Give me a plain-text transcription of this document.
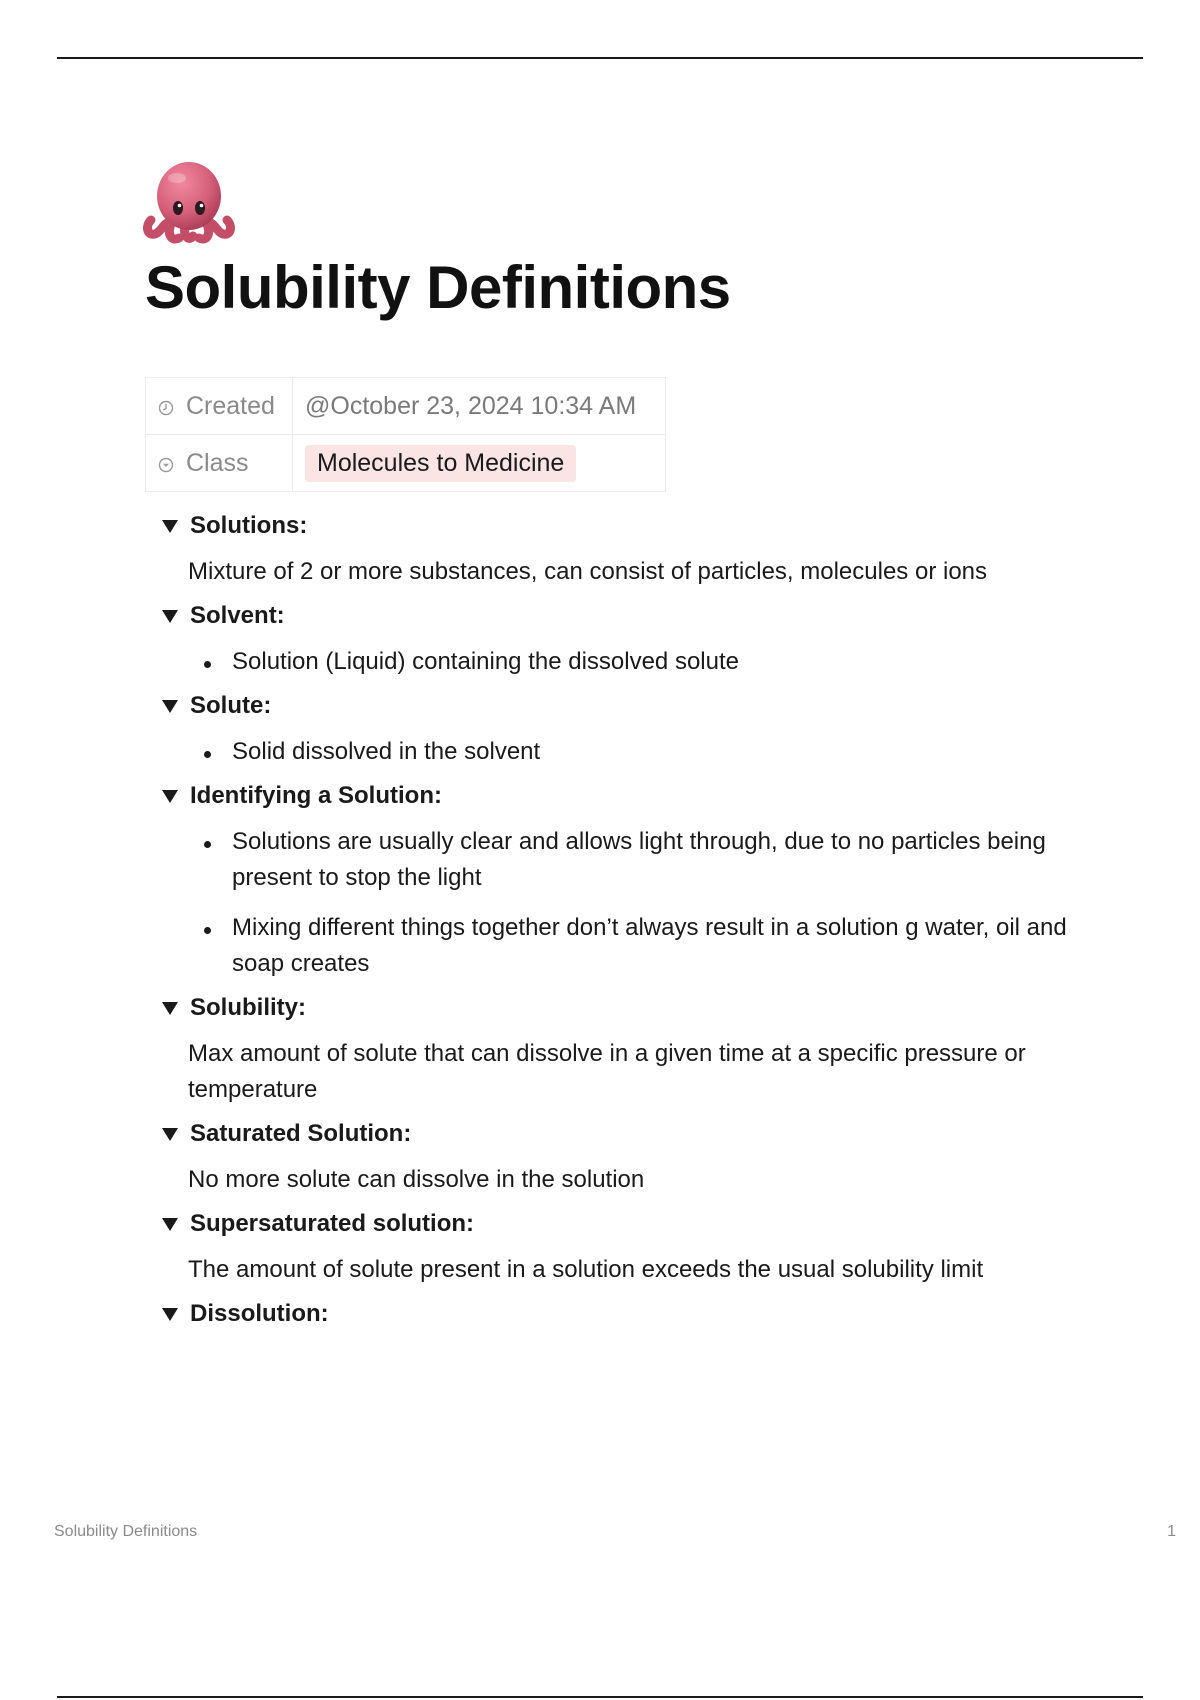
Solubility Definitions
Created	@October 23, 2024 10:34 AM

Class	Molecules to Medicine
Solutions:

Mixture of 2 or more substances, can consist of particles, molecules or ions

Solvent:
Solution (Liquid) containing the dissolved solute
Solute:
Solid dissolved in the solvent
Identifying a Solution:
Solutions are usually clear and allows light through, due to no particles being present to stop the light
Mixing different things together don’t always result in a solution g water, oil and soap creates
Solubility:

Max amount of solute that can dissolve in a given time at a specific pressure or temperature

Saturated Solution:

No more solute can dissolve in the solution

Supersaturated solution:

The amount of solute present in a solution exceeds the usual solubility limit

Dissolution:
Solubility Definitions	1
